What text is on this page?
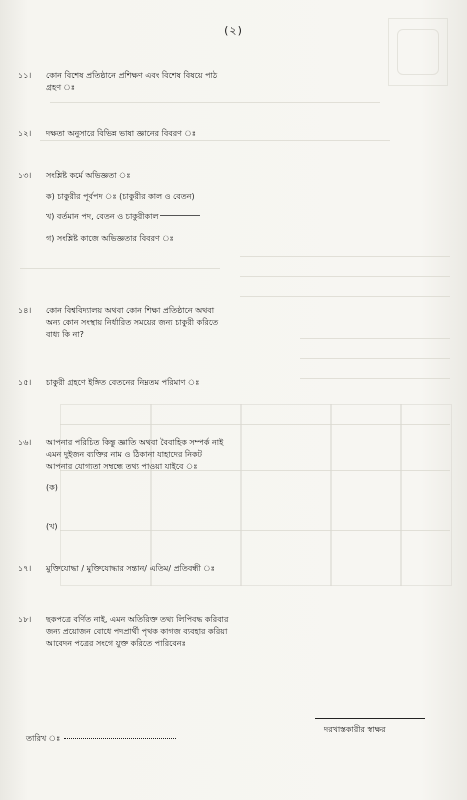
(২)
১১।	কোন বিশেষ প্রতিষ্ঠানে প্রশিক্ষণ এবং বিশেষ বিষয়ে পাঠ
গ্রহণ ঃ
১২।	দক্ষতা অনুসারে বিভিন্ন ভাষা জ্ঞানের বিবরণ ঃ
১৩।	সংশ্লিষ্ট কর্মে অভিজ্ঞতা ঃ
ক) চাকুরীর পূর্বপদ ঃ (চাকুরীর কাল ও বেতন)
খ) বর্তমান পদ, বেতন ও চাকুরীকাল
গ) সংশ্লিষ্ট কাজে অভিজ্ঞতার বিবরণ ঃ
১৪।	কোন বিশ্ববিদ্যালয় অথবা কোন শিক্ষা প্রতিষ্ঠানে অথবা
অন্য কোন সংস্থায় নির্ধারিত সময়ের জন্য চাকুরী করিতে
বাধ্য কি না?
১৫।	চাকুরী গ্রহণে ইঙ্গিত বেতনের নিম্নতম পরিমাণ ঃ
১৬।	আপনার পরিচিত কিন্তু জ্ঞাতি অথবা বৈবাহিক সম্পর্ক নাই
এমন দুইজন ব্যক্তির নাম ও ঠিকানা যাহাদের নিকট
আপনার যোগ্যতা সম্বন্ধে তথ্য পাওয়া যাইবে ঃ
(ক)
(খ)
১৭।	মুক্তিযোদ্ধা / মুক্তিযোদ্ধার সন্তান/ এতিম/ প্রতিবন্ধী ঃ
১৮।	ছকপত্রে বর্ণিত নাই, এমন অতিরিক্ত তথ্য লিপিবদ্ধ করিবার
জন্য প্রয়োজন বোধে পদপ্রার্থী পৃথক কাগজ ব্যবহার করিয়া
আবেদন পত্রের সংগে যুক্ত করিতে পারিবেনঃ
দরখাস্তকারীর স্বাক্ষর
তারিখ ঃ
